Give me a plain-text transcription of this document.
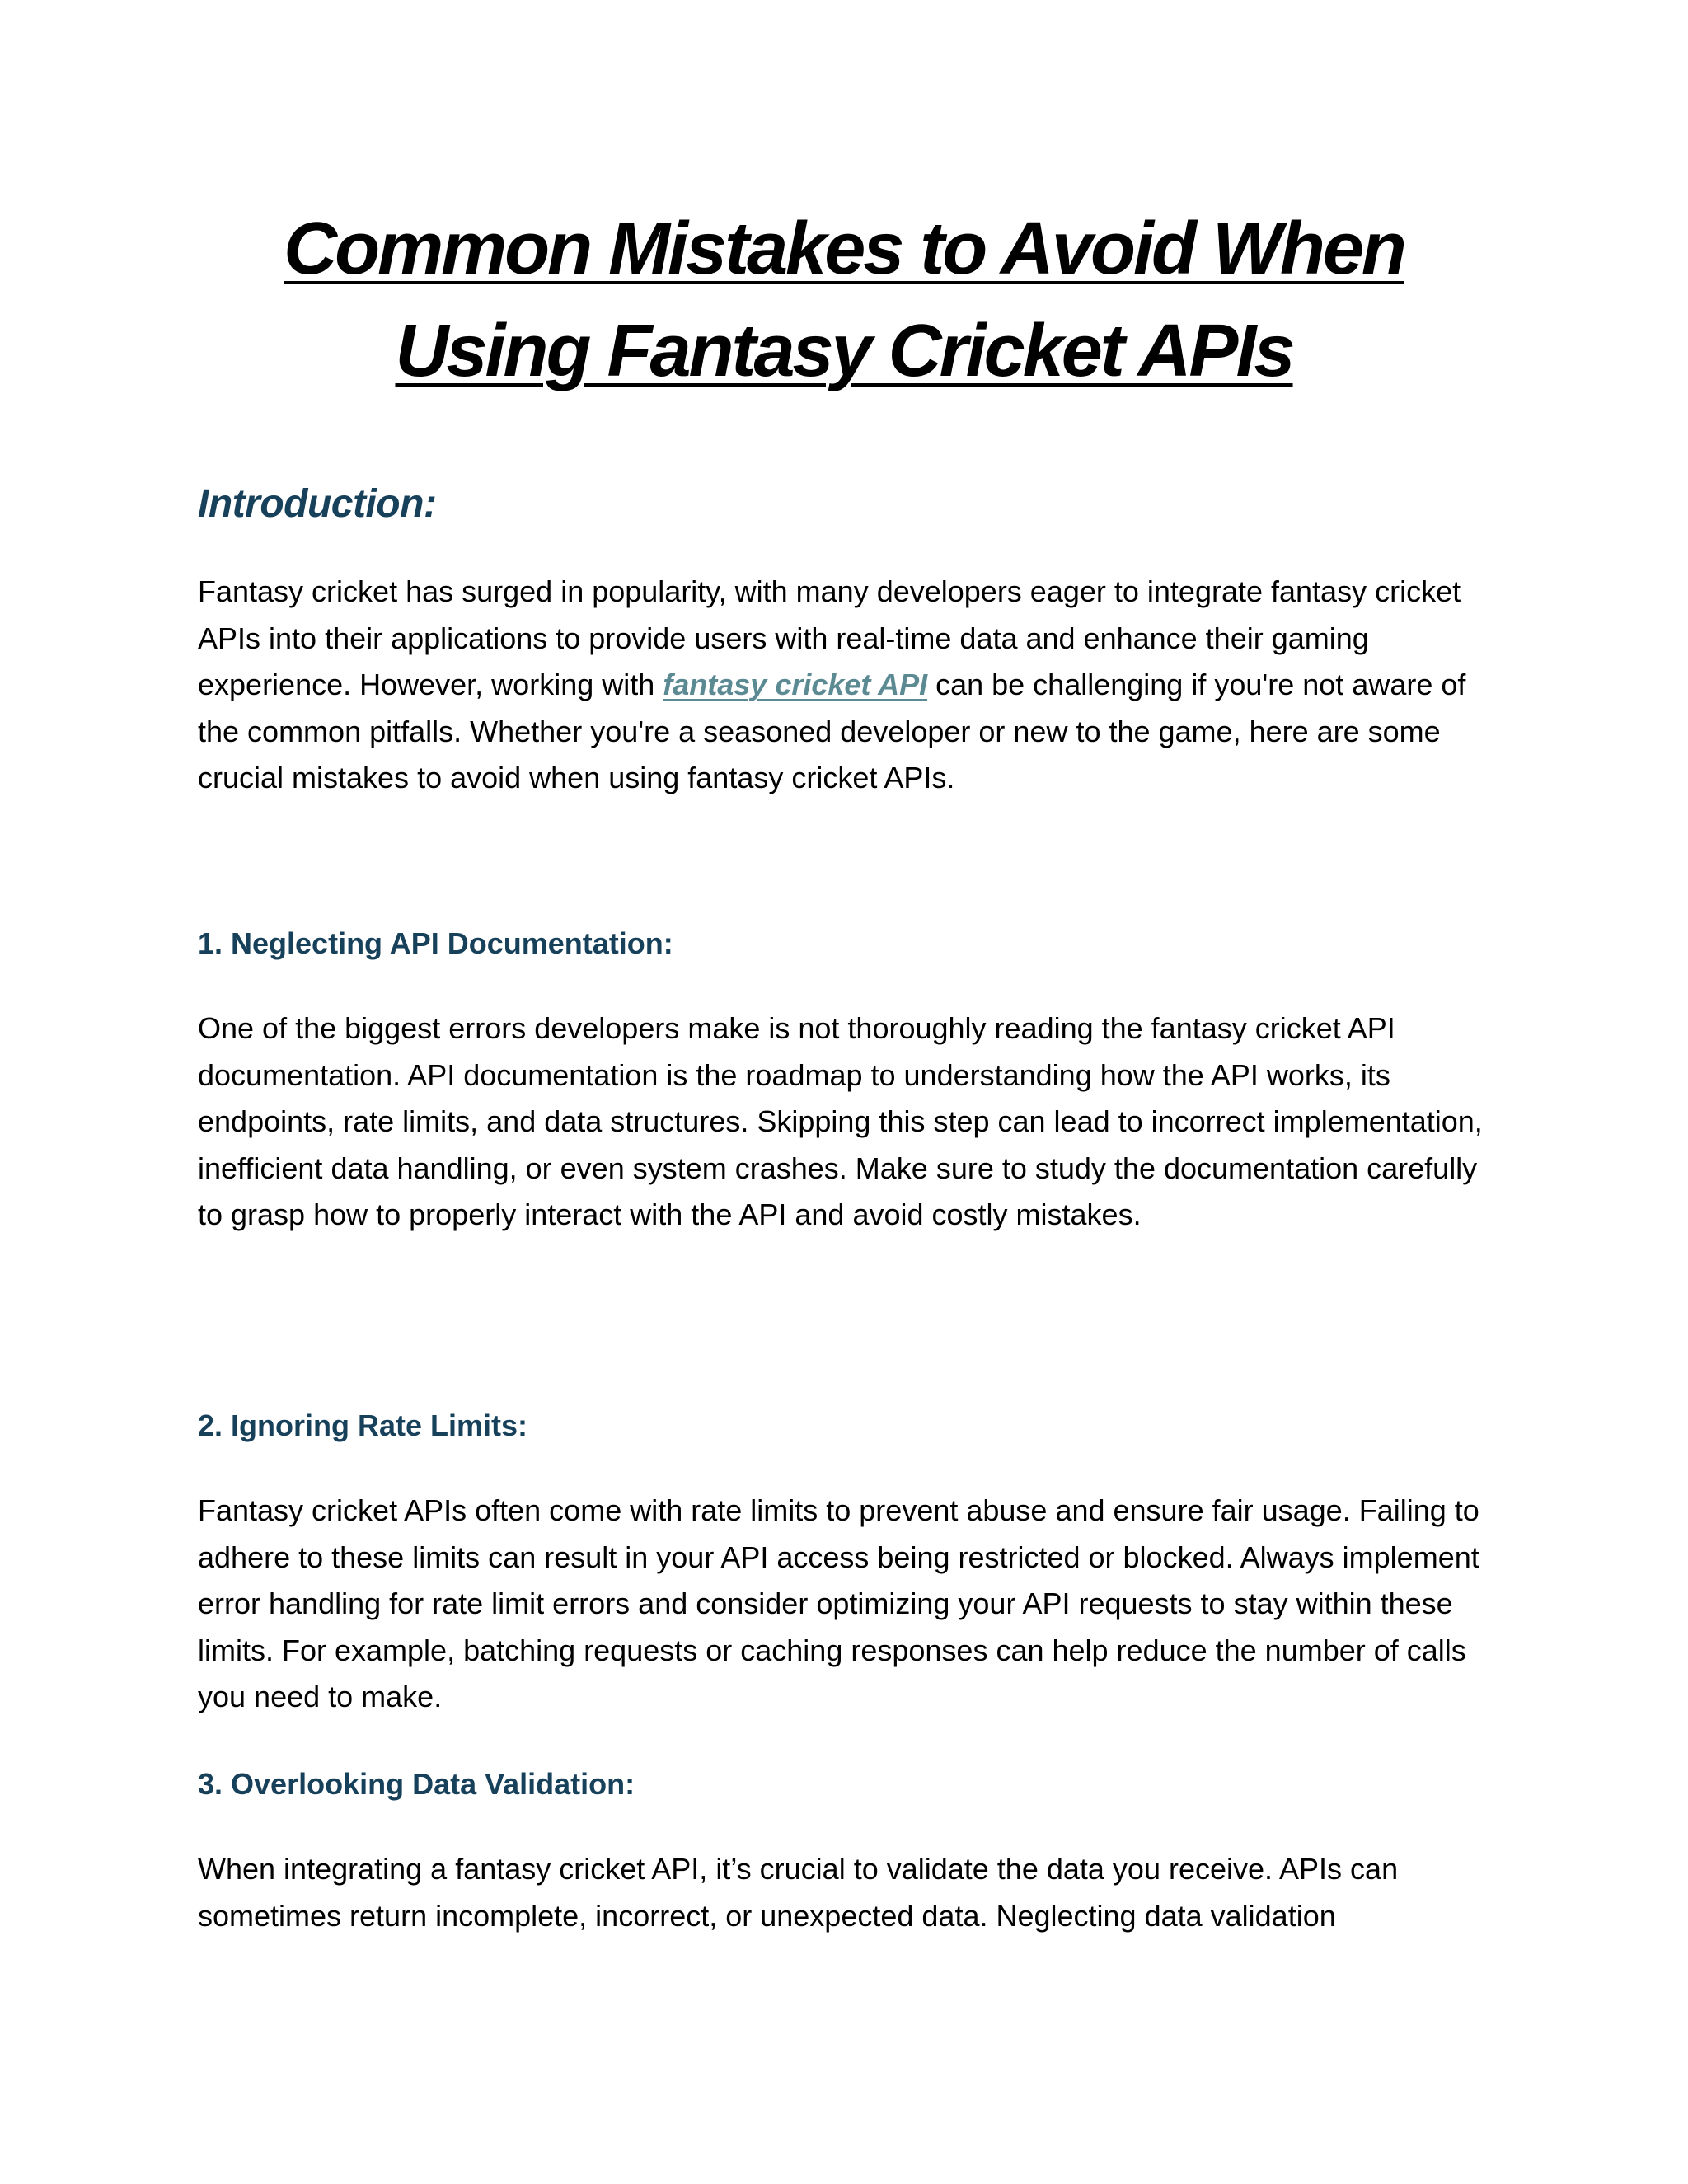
Common Mistakes to Avoid When
Using Fantasy Cricket APIs
Introduction:

Fantasy cricket has surged in popularity, with many developers eager to integrate fantasy cricket APIs into their applications to provide users with real-time data and enhance their gaming experience. However, working with fantasy cricket API can be challenging if you're not aware of the common pitfalls. Whether you're a seasoned developer or new to the game, here are some crucial mistakes to avoid when using fantasy cricket APIs.

1. Neglecting API Documentation:

One of the biggest errors developers make is not thoroughly reading the fantasy cricket API documentation. API documentation is the roadmap to understanding how the API works, its endpoints, rate limits, and data structures. Skipping this step can lead to incorrect implementation, inefficient data handling, or even system crashes. Make sure to study the documentation carefully to grasp how to properly interact with the API and avoid costly mistakes.

2. Ignoring Rate Limits:

Fantasy cricket APIs often come with rate limits to prevent abuse and ensure fair usage. Failing to adhere to these limits can result in your API access being restricted or blocked. Always implement error handling for rate limit errors and consider optimizing your API requests to stay within these limits. For example, batching requests or caching responses can help reduce the number of calls you need to make.

3. Overlooking Data Validation:

When integrating a fantasy cricket API, it’s crucial to validate the data you receive. APIs can sometimes return incomplete, incorrect, or unexpected data. Neglecting data validation
